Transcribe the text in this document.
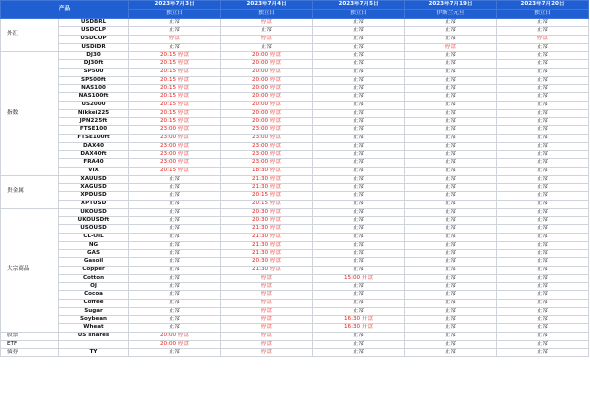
产品		2023年7月3日	2023年7月4日	2023年7月5日	2023年7月19日	2023年7月20日
		独立日	独立日	独立日	伊斯兰元旦	独立日
外汇	USDBRL	正常	停盘	正常	正常	正常
	USDCLP	正常	正常	正常	正常	正常
	USDCOP	停盘	停盘	正常	正常	停盘
	USDIDR	正常	正常	正常	停盘	正常
指数	DJ30	20:15 停盘	20:00 停盘	正常	正常	正常
	DJ30ft	20:15 停盘	20:00 停盘	正常	正常	正常
	SP500	20:15 停盘	20:00 停盘	正常	正常	正常
	SP500ft	20:15 停盘	20:00 停盘	正常	正常	正常
	NAS100	20:15 停盘	20:00 停盘	正常	正常	正常
	NAS100ft	20:15 停盘	20:00 停盘	正常	正常	正常
	US2000	20:15 停盘	20:00 停盘	正常	正常	正常
	Nikkei225	20:15 停盘	20:00 停盘	正常	正常	正常
	JPN225ft	20:15 停盘	20:00 停盘	正常	正常	正常
	FTSE100	23:00 停盘	23:00 停盘	正常	正常	正常
	FTSE100ft	23:00 停盘	23:00 停盘	正常	正常	正常
	DAX40	23:00 停盘	23:00 停盘	正常	正常	正常
	DAX40ft	23:00 停盘	23:00 停盘	正常	正常	正常
	FRA40	23:00 停盘	23:00 停盘	正常	正常	正常
	VIX	20:15 停盘	18:30 停盘	正常	正常	正常
贵金属	XAUUSD	正常	21:30 停盘	正常	正常	正常
	XAGUSD	正常	21:30 停盘	正常	正常	正常
	XPDUSD	正常	20:15 停盘	正常	正常	正常
	XPTUSD	正常	20:15 停盘	正常	正常	正常
大宗商品	UKOUSD	正常	20:30 停盘	正常	正常	正常
	UKOUSDft	正常	20:30 停盘	正常	正常	正常
	USOUSD	正常	21:30 停盘	正常	正常	正常
	CL-OIL	正常	21:30 停盘	正常	正常	正常
	NG	正常	21:30 停盘	正常	正常	正常
	GAS	正常	21:30 停盘	正常	正常	正常
	Gasoil	正常	20:30 停盘	正常	正常	正常
	Copper	正常	21:30 停盘	正常	正常	正常
	Cotton	正常	停盘	15:00 开盘	正常	正常
	OJ	正常	停盘	正常	正常	正常
	Cocoa	正常	停盘	正常	正常	正常
	Coffee	正常	停盘	正常	正常	正常
	Sugar	正常	停盘	正常	正常	正常
	Soybean	正常	停盘	16:30 开盘	正常	正常
	Wheat	正常	停盘	16:30 开盘	正常	正常
股票	US shares	20:00 停盘	停盘	正常	正常	正常
ETF		20:00 停盘	停盘	正常	正常	正常
债券	TY	正常	停盘	正常	正常	正常
